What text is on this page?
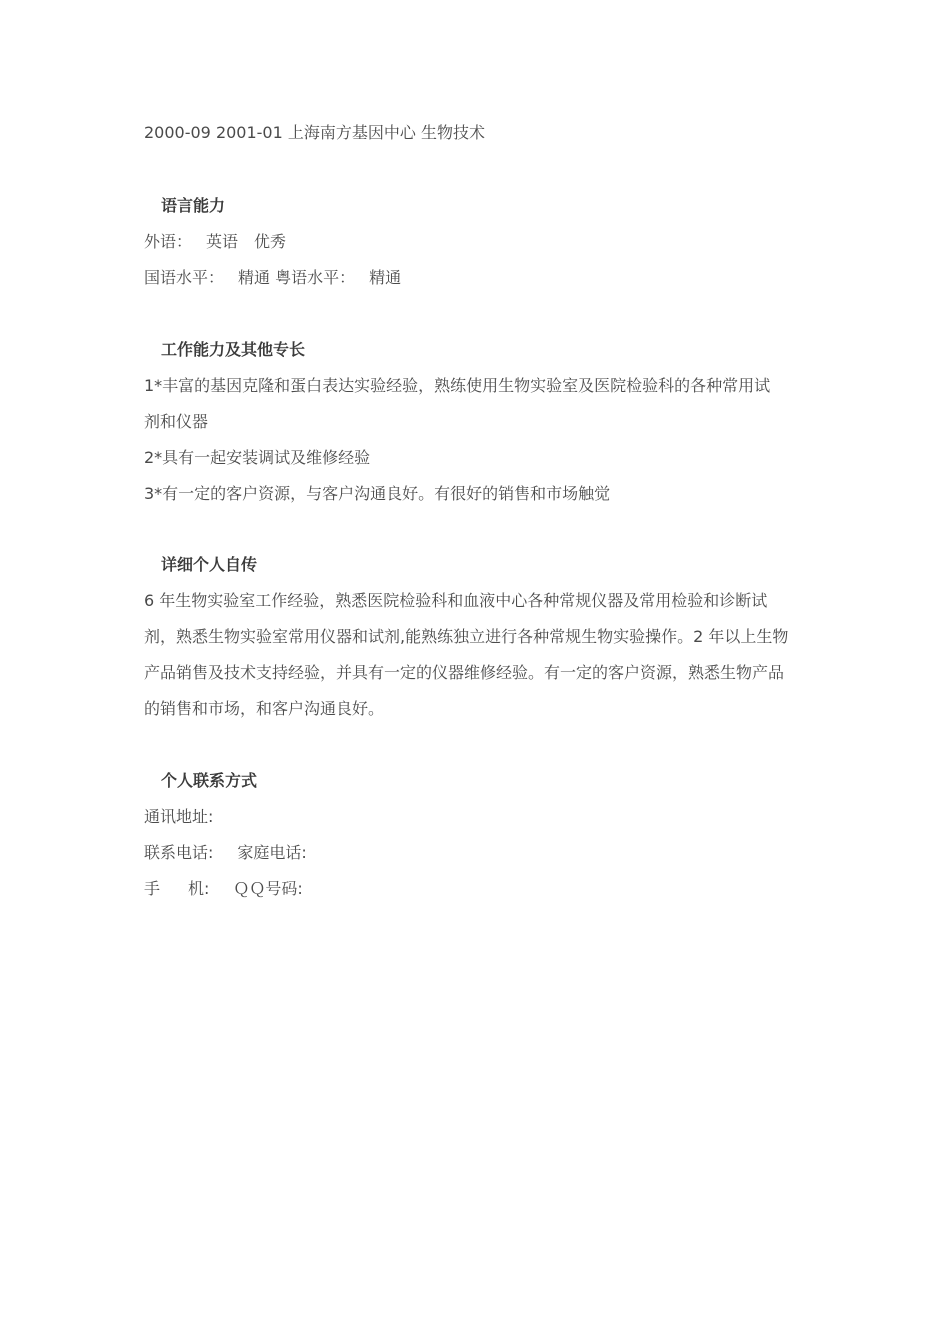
2000-09 2001-01 上海南方基因中心 生物技术
语言能力
外语： 英语 优秀
国语水平： 精通 粤语水平： 精通
工作能力及其他专长
1*丰富的基因克隆和蛋白表达实验经验，熟练使用生物实验室及医院检验科的各种常用试
剂和仪器
2*具有一起安装调试及维修经验
3*有一定的客户资源，与客户沟通良好。有很好的销售和市场触觉
详细个人自传
6 年生物实验室工作经验，熟悉医院检验科和血液中心各种常规仪器及常用检验和诊断试
剂，熟悉生物实验室常用仪器和试剂,能熟练独立进行各种常规生物实验操作。2 年以上生物
产品销售及技术支持经验，并具有一定的仪器维修经验。有一定的客户资源，熟悉生物产品
的销售和市场，和客户沟通良好。
个人联系方式
通讯地址:
联系电话: 家庭电话:
手 机: ＱＱ号码:
